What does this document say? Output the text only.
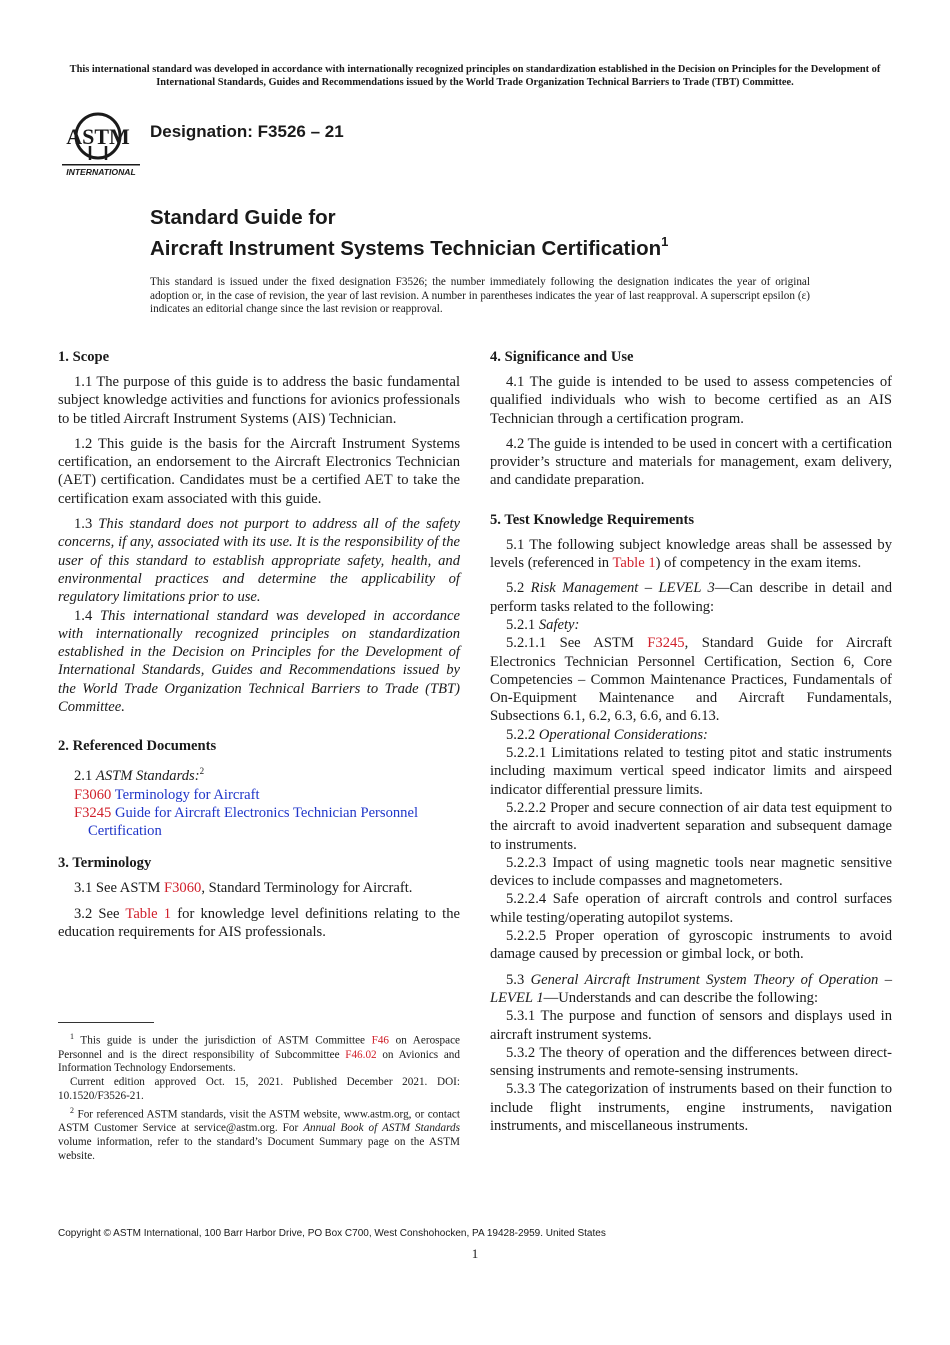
This international standard was developed in accordance with internationally recognized principles on standardization established in the Decision on Principles for the Development of International Standards, Guides and Recommendations issued by the World Trade Organization Technical Barriers to Trade (TBT) Committee.
ASTM
INTERNATIONAL
Designation: F3526 – 21
Standard Guide for
Aircraft Instrument Systems Technician Certification$^1$
This standard is issued under the fixed designation F3526; the number immediately following the designation indicates the year of original adoption or, in the case of revision, the year of last revision. A number in parentheses indicates the year of last reapproval. A superscript epsilon (ε) indicates an editorial change since the last revision or reapproval.
1. Scope

1.1 The purpose of this guide is to address the basic fundamental subject knowledge activities and functions for avionics professionals to be titled Aircraft Instrument Systems (AIS) Technician.

1.2 This guide is the basis for the Aircraft Instrument Systems certification, an endorsement to the Aircraft Electronics Technician (AET) certification. Candidates must be a certified AET to take the certification exam associated with this guide.

1.3 This standard does not purport to address all of the safety concerns, if any, associated with its use. It is the responsibility of the user of this standard to establish appropriate safety, health, and environmental practices and determine the applicability of regulatory limitations prior to use.

1.4 This international standard was developed in accordance with internationally recognized principles on standardization established in the Decision on Principles for the Development of International Standards, Guides and Recommendations issued by the World Trade Organization Technical Barriers to Trade (TBT) Committee.

2. Referenced Documents

2.1 ASTM Standards:$^2$

F3060 Terminology for Aircraft

F3245 Guide for Aircraft Electronics Technician Personnel Certification

3. Terminology

3.1 See ASTM F3060, Standard Terminology for Aircraft.

3.2 See Table 1 for knowledge level definitions relating to the education requirements for AIS professionals.

$^1$ This guide is under the jurisdiction of ASTM Committee F46 on Aerospace Personnel and is the direct responsibility of Subcommittee F46.02 on Avionics and Information Technology Endorsements.

Current edition approved Oct. 15, 2021. Published December 2021. DOI: 10.1520/F3526-21.

$^2$ For referenced ASTM standards, visit the ASTM website, www.astm.org, or contact ASTM Customer Service at service@astm.org. For Annual Book of ASTM Standards volume information, refer to the standard’s Document Summary page on the ASTM website.

4. Significance and Use

4.1 The guide is intended to be used to assess competencies of qualified individuals who wish to become certified as an AIS Technician through a certification program.

4.2 The guide is intended to be used in concert with a certification provider’s structure and materials for management, exam delivery, and candidate preparation.

5. Test Knowledge Requirements

5.1 The following subject knowledge areas shall be assessed by levels (referenced in Table 1) of competency in the exam items.

5.2 Risk Management – LEVEL 3—Can describe in detail and perform tasks related to the following:

5.2.1 Safety:

5.2.1.1 See ASTM F3245, Standard Guide for Aircraft Electronics Technician Personnel Certification, Section 6, Core Competencies – Common Maintenance Practices, Fundamentals of On-Equipment Maintenance and Aircraft Fundamentals, Subsections 6.1, 6.2, 6.3, 6.6, and 6.13.

5.2.2 Operational Considerations:

5.2.2.1 Limitations related to testing pitot and static instruments including maximum vertical speed indicator limits and airspeed indicator differential pressure limits.

5.2.2.2 Proper and secure connection of air data test equipment to the aircraft to avoid inadvertent separation and subsequent damage to instruments.

5.2.2.3 Impact of using magnetic tools near magnetic sensitive devices to include compasses and magnetometers.

5.2.2.4 Safe operation of aircraft controls and control surfaces while testing/operating autopilot systems.

5.2.2.5 Proper operation of gyroscopic instruments to avoid damage caused by precession or gimbal lock, or both.

5.3 General Aircraft Instrument System Theory of Operation – LEVEL 1—Understands and can describe the following:

5.3.1 The purpose and function of sensors and displays used in aircraft instrument systems.

5.3.2 The theory of operation and the differences between direct-sensing instruments and remote-sensing instruments.

5.3.3 The categorization of instruments based on their function to include flight instruments, engine instruments, navigation instruments, and miscellaneous instruments.

Copyright © ASTM International, 100 Barr Harbor Drive, PO Box C700, West Conshohocken, PA 19428-2959. United States
1
